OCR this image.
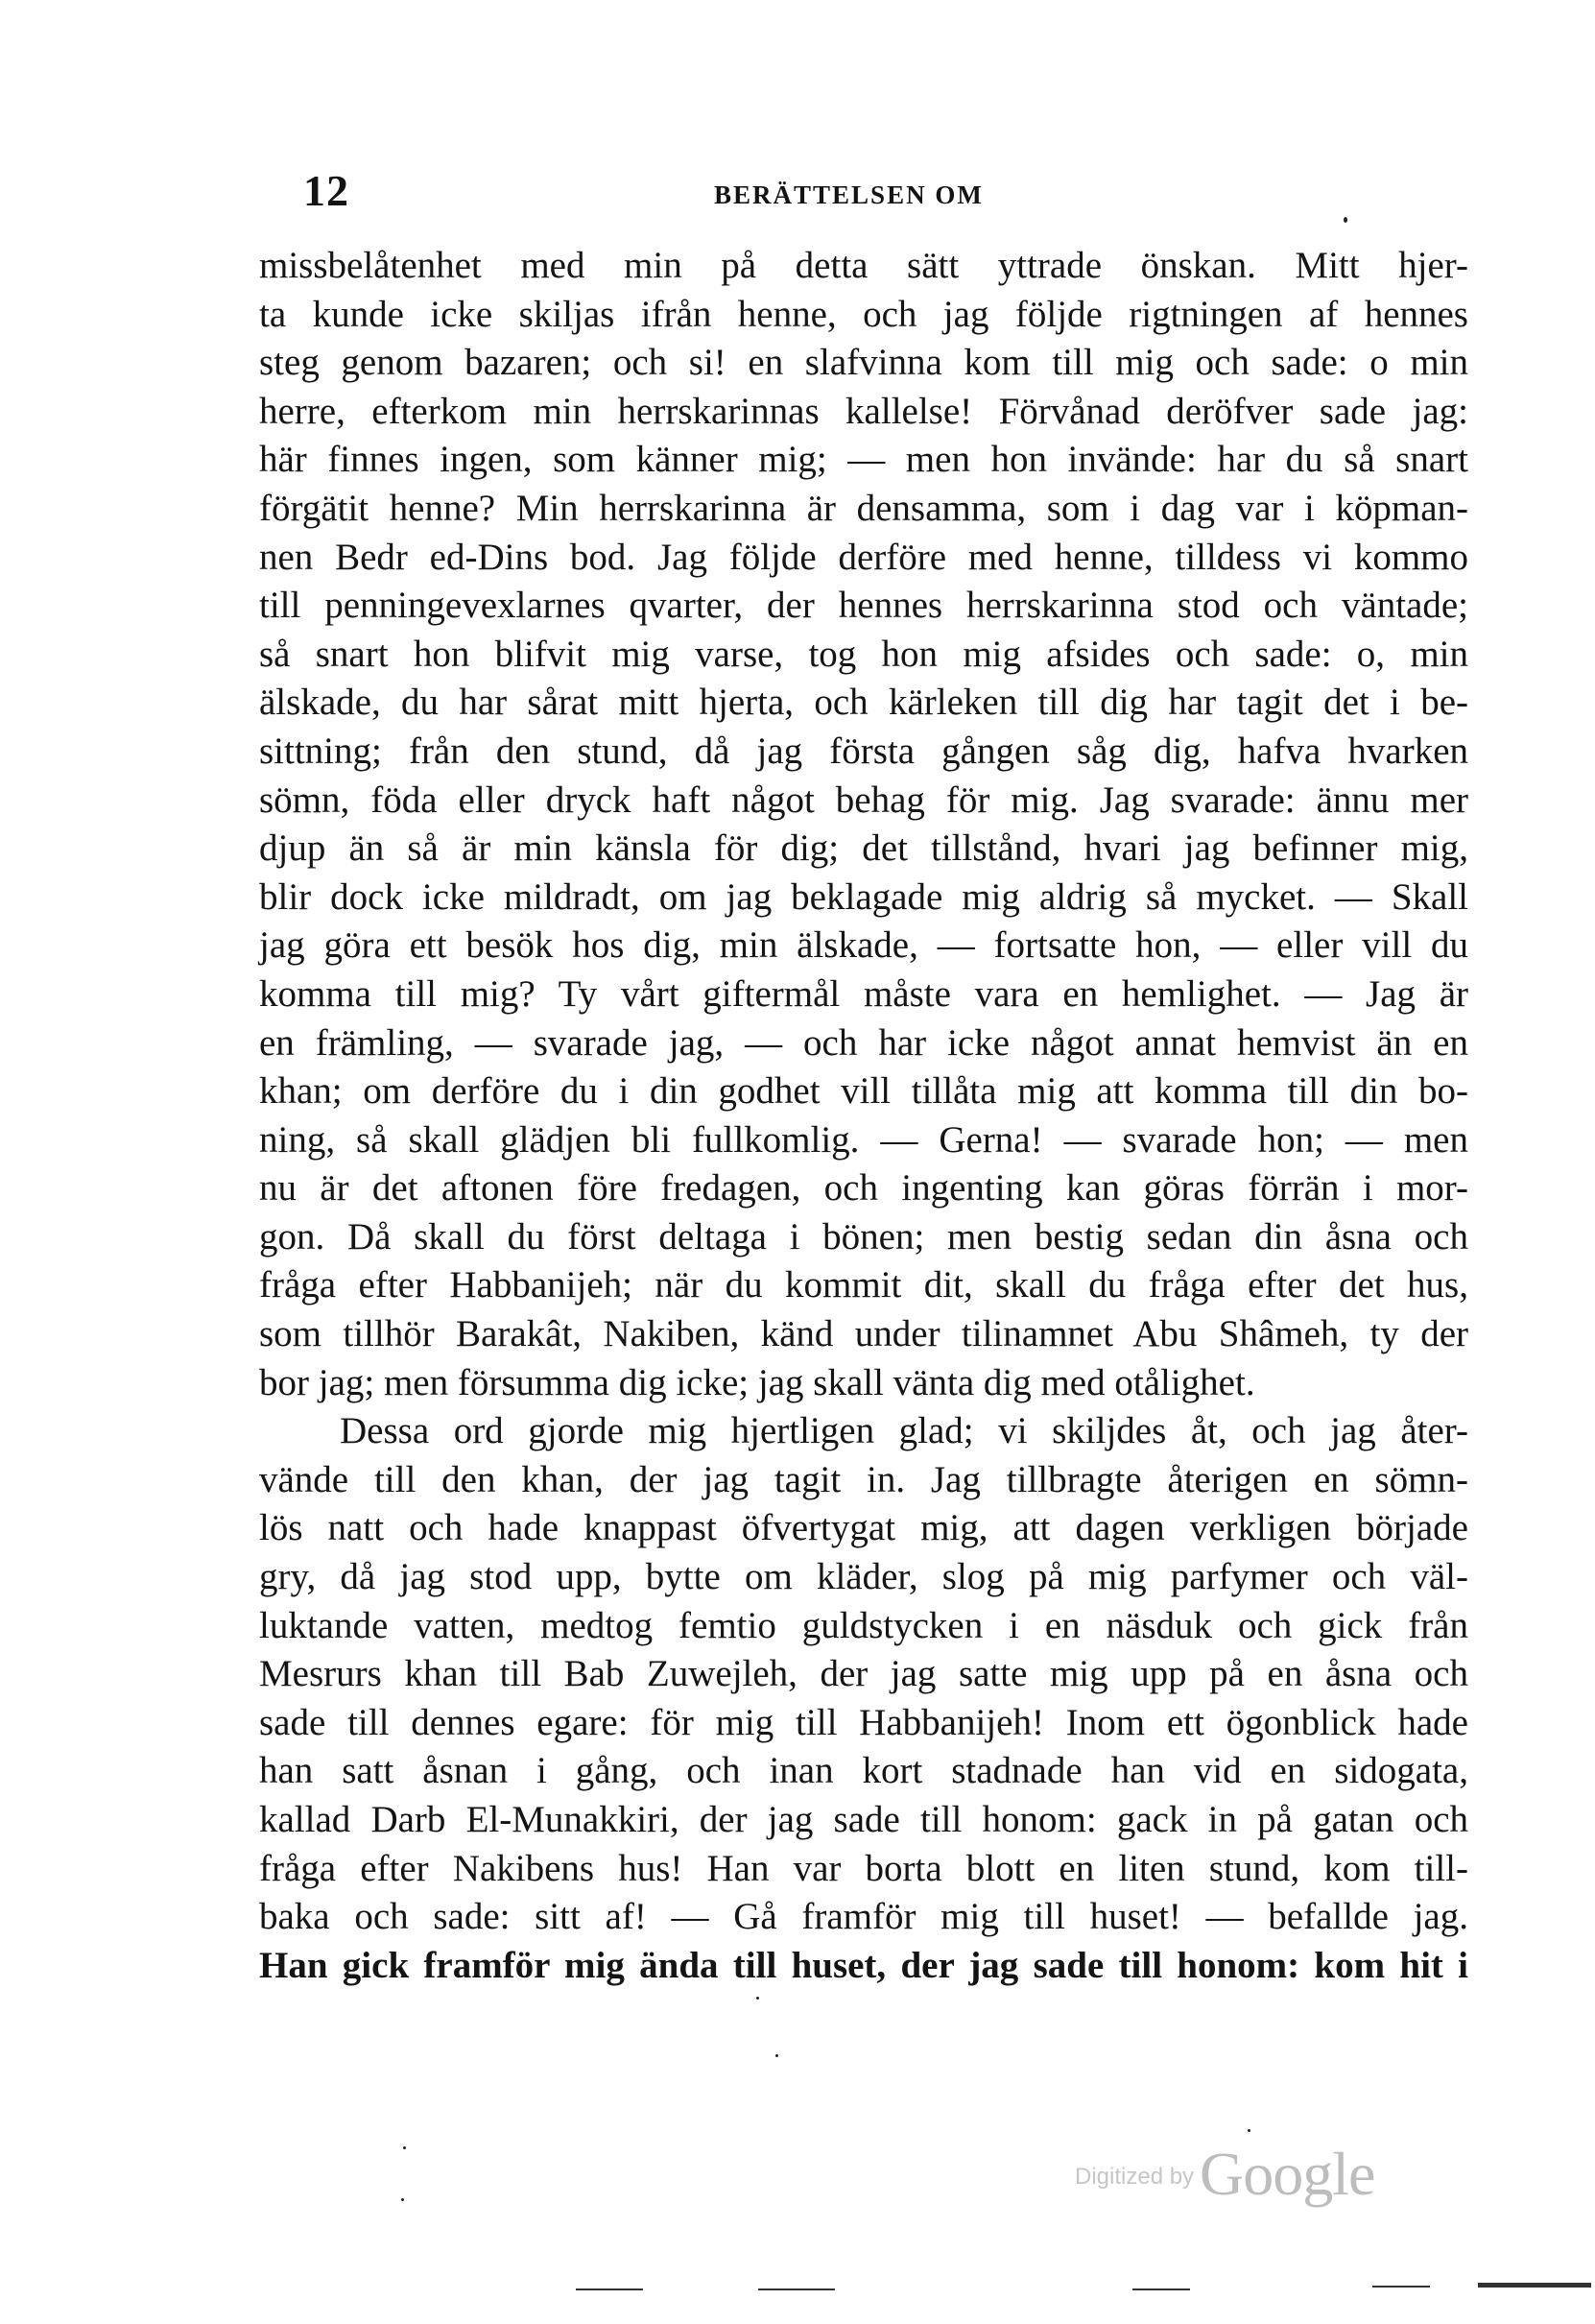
12	BERÄTTELSEN OM
missbelåtenhet med min på detta sätt yttrade önskan. Mitt hjer-
ta kunde icke skiljas ifrån henne, och jag följde rigtningen af hennes
steg genom bazaren; och si! en slafvinna kom till mig och sade: o min
herre, efterkom min herrskarinnas kallelse! Förvånad deröfver sade jag:
här finnes ingen, som känner mig; — men hon invände: har du så snart
förgätit henne? Min herrskarinna är densamma, som i dag var i köpman-
nen Bedr ed-Dins bod. Jag följde derföre med henne, tilldess vi kommo
till penningevexlarnes qvarter, der hennes herrskarinna stod och väntade;
så snart hon blifvit mig varse, tog hon mig afsides och sade: o, min
älskade, du har sårat mitt hjerta, och kärleken till dig har tagit det i be-
sittning; från den stund, då jag första gången såg dig, hafva hvarken
sömn, föda eller dryck haft något behag för mig. Jag svarade: ännu mer
djup än så är min känsla för dig; det tillstånd, hvari jag befinner mig,
blir dock icke mildradt, om jag beklagade mig aldrig så mycket. — Skall
jag göra ett besök hos dig, min älskade, — fortsatte hon, — eller vill du
komma till mig? Ty vårt giftermål måste vara en hemlighet. — Jag är
en främling, — svarade jag, — och har icke något annat hemvist än en
khan; om derföre du i din godhet vill tillåta mig att komma till din bo-
ning, så skall glädjen bli fullkomlig. — Gerna! — svarade hon; — men
nu är det aftonen före fredagen, och ingenting kan göras förrän i mor-
gon. Då skall du först deltaga i bönen; men bestig sedan din åsna och
fråga efter Habbanijeh; när du kommit dit, skall du fråga efter det hus,
som tillhör Barakât, Nakiben, känd under tilinamnet Abu Shâmeh, ty der
bor jag; men försumma dig icke; jag skall vänta dig med otålighet.
Dessa ord gjorde mig hjertligen glad; vi skiljdes åt, och jag åter-
vände till den khan, der jag tagit in. Jag tillbragte återigen en sömn-
lös natt och hade knappast öfvertygat mig, att dagen verkligen började
gry, då jag stod upp, bytte om kläder, slog på mig parfymer och väl-
luktande vatten, medtog femtio guldstycken i en näsduk och gick från
Mesrurs khan till Bab Zuwejleh, der jag satte mig upp på en åsna och
sade till dennes egare: för mig till Habbanijeh! Inom ett ögonblick hade
han satt åsnan i gång, och inan kort stadnade han vid en sidogata,
kallad Darb El-Munakkiri, der jag sade till honom: gack in på gatan och
fråga efter Nakibens hus! Han var borta blott en liten stund, kom till-
baka och sade: sitt af! — Gå framför mig till huset! — befallde jag.
Han gick framför mig ända till huset, der jag sade till honom: kom hit i
Digitized by Google
